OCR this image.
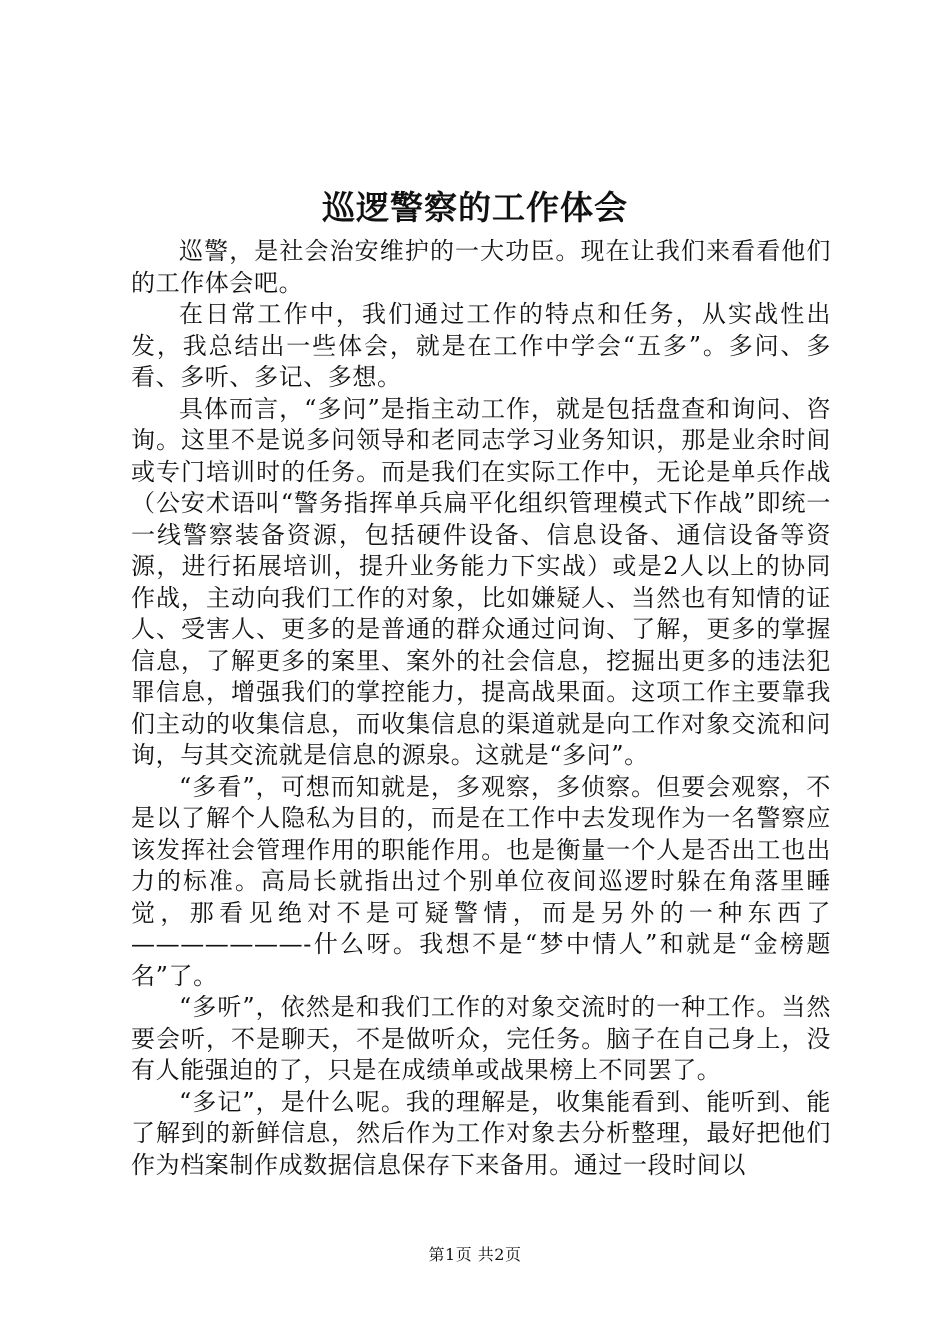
巡逻警察的工作体会

巡警，是社会治安维护的一大功臣。现在让我们来看看他们的工作体会吧。

在日常工作中，我们通过工作的特点和任务，从实战性出发，我总结出一些体会，就是在工作中学会“五多”。多问、多看、多听、多记、多想。

具体而言，“多问”是指主动工作，就是包括盘查和询问、咨询。这里不是说多问领导和老同志学习业务知识，那是业余时间或专门培训时的任务。而是我们在实际工作中，无论是单兵作战（公安术语叫“警务指挥单兵扁平化组织管理模式下作战”即统一一线警察装备资源，包括硬件设备、信息设备、通信设备等资源，进行拓展培训，提升业务能力下实战）或是2人以上的协同作战，主动向我们工作的对象，比如嫌疑人、当然也有知情的证人、受害人、更多的是普通的群众通过问询、了解，更多的掌握信息，了解更多的案里、案外的社会信息，挖掘出更多的违法犯罪信息，增强我们的掌控能力，提高战果面。这项工作主要靠我们主动的收集信息，而收集信息的渠道就是向工作对象交流和问询，与其交流就是信息的源泉。这就是“多问”。

“多看”，可想而知就是，多观察，多侦察。但要会观察，不是以了解个人隐私为目的，而是在工作中去发现作为一名警察应该发挥社会管理作用的职能作用。也是衡量一个人是否出工也出力的标准。高局长就指出过个别单位夜间巡逻时躲在角落里睡觉，那看见绝对不是可疑警情，而是另外的一种东西了———————-什么呀。我想不是“梦中情人”和就是“金榜题名”了。

“多听”，依然是和我们工作的对象交流时的一种工作。当然要会听，不是聊天，不是做听众，完任务。脑子在自己身上，没有人能强迫的了，只是在成绩单或战果榜上不同罢了。

“多记”，是什么呢。我的理解是，收集能看到、能听到、能了解到的新鲜信息，然后作为工作对象去分析整理，最好把他们作为档案制作成数据信息保存下来备用。通过一段时间以

第1页 共2页
